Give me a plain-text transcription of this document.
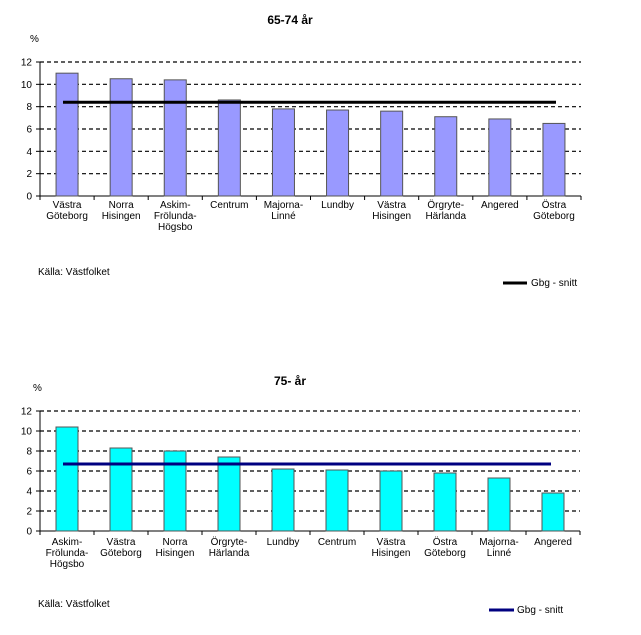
65-74 år
%
Källa: Västfolket
Gbg - snitt
0
2
4
6
8
10
12
Västra Göteborg
Norra Hisingen
Askim-Frölunda-Högsbo
Centrum Majorna-Linné
Lundby	Västra Hisingen
Örgryte-Härlanda
Angered	Östra Göteborg
75- år
%
Källa: Västfolket
Gbg - snitt
0
2
4
6
8
10
12
Askim-Frölunda-Högsbo
Västra Göteborg
Norra Hisingen
Örgryte-Härlanda
Lundby Centrum	Västra Hisingen
Östra Göteborg
Majorna-Linné
Angered
